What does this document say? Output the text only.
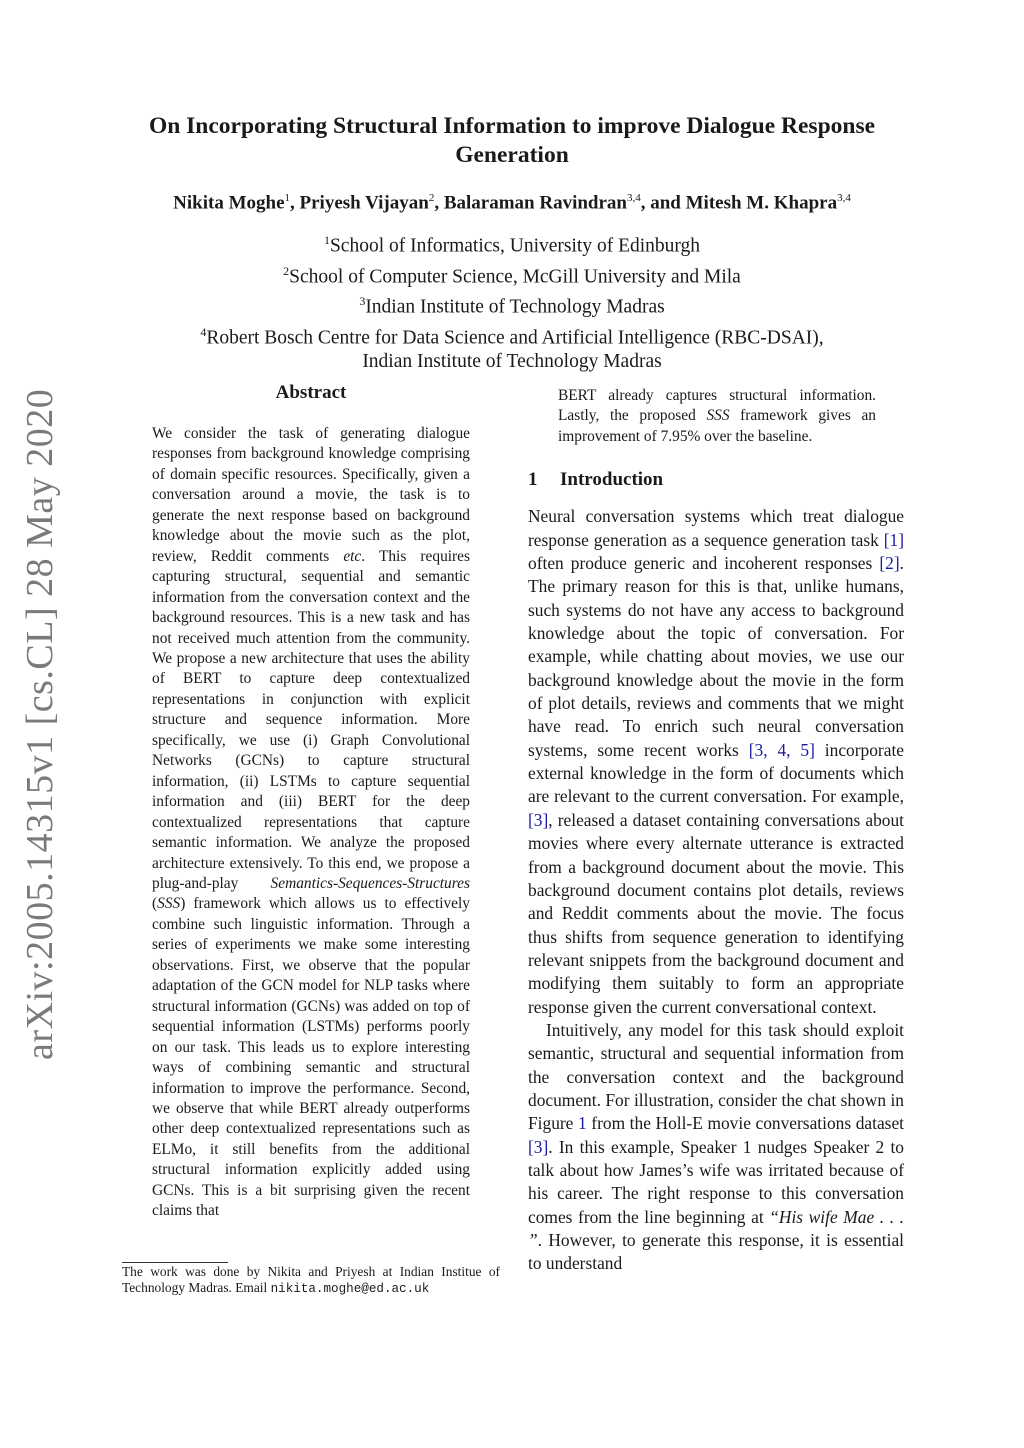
arXiv:2005.14315v1 [cs.CL] 28 May 2020
On Incorporating Structural Information to improve Dialogue Response Generation
Nikita Moghe$^1$, Priyesh Vijayan$^2$, Balaraman Ravindran$^{3,4}$, and Mitesh M. Khapra$^{3,4}$
$^1$School of Informatics, University of Edinburgh
$^2$School of Computer Science, McGill University and Mila
$^3$Indian Institute of Technology Madras
$^4$Robert Bosch Centre for Data Science and Artificial Intelligence (RBC-DSAI),
Indian Institute of Technology Madras
Abstract

We consider the task of generating dialogue responses from background knowledge comprising of domain specific resources. Specifically, given a conversation around a movie, the task is to generate the next response based on background knowledge about the movie such as the plot, review, Reddit comments etc. This requires capturing structural, sequential and semantic information from the conversation context and the background resources. This is a new task and has not received much attention from the community. We propose a new architecture that uses the ability of BERT to capture deep contextualized representations in conjunction with explicit structure and sequence information. More specifically, we use (i) Graph Convolutional Networks (GCNs) to capture structural information, (ii) LSTMs to capture sequential information and (iii) BERT for the deep contextualized representations that capture semantic information. We analyze the proposed architecture extensively. To this end, we propose a plug-and-play Semantics-Sequences-Structures (SSS) framework which allows us to effectively combine such linguistic information. Through a series of experiments we make some interesting observations. First, we observe that the popular adaptation of the GCN model for NLP tasks where structural information (GCNs) was added on top of sequential information (LSTMs) performs poorly on our task. This leads us to explore interesting ways of combining semantic and structural information to improve the performance. Second, we observe that while BERT already outperforms other deep contextualized representations such as ELMo, it still benefits from the additional structural information explicitly added using GCNs. This is a bit surprising given the recent claims that

The work was done by Nikita and Priyesh at Indian Institue of Technology Madras. Email nikita.moghe@ed.ac.uk

BERT already captures structural information. Lastly, the proposed SSS framework gives an improvement of 7.95% over the baseline.

1 Introduction

Neural conversation systems which treat dialogue response generation as a sequence generation task [1] often produce generic and incoherent responses [2]. The primary reason for this is that, unlike humans, such systems do not have any access to background knowledge about the topic of conversation. For example, while chatting about movies, we use our background knowledge about the movie in the form of plot details, reviews and comments that we might have read. To enrich such neural conversation systems, some recent works [3, 4, 5] incorporate external knowledge in the form of documents which are relevant to the current conversation. For example, [3], released a dataset containing conversations about movies where every alternate utterance is extracted from a background document about the movie. This background document contains plot details, reviews and Reddit comments about the movie. The focus thus shifts from sequence generation to identifying relevant snippets from the background document and modifying them suitably to form an appropriate response given the current conversational context.

Intuitively, any model for this task should exploit semantic, structural and sequential information from the conversation context and the background document. For illustration, consider the chat shown in Figure 1 from the Holl-E movie conversations dataset [3]. In this example, Speaker 1 nudges Speaker 2 to talk about how James’s wife was irritated because of his career. The right response to this conversation comes from the line beginning at “His wife Mae . . . ”. However, to generate this response, it is essential to understand
